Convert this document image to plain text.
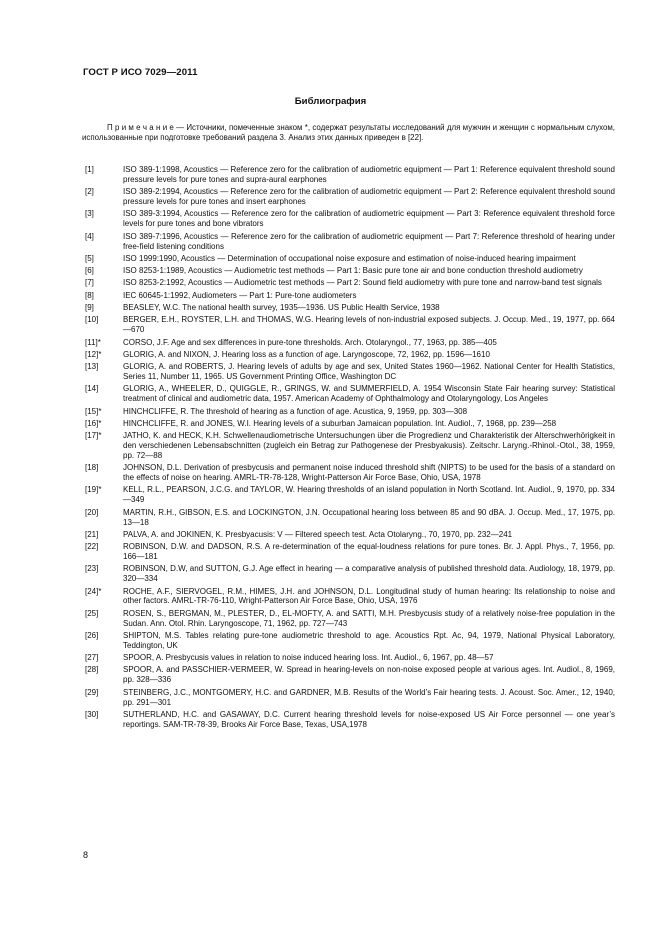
ГОСТ Р ИСО 7029—2011
Библиография
П р и м е ч а н и е — Источники, помеченные знаком *, содержат результаты исследований для мужчин и женщин с нормальным слухом, использованные при подготовке требований раздела 3. Анализ этих данных приведен в [22].
[1]	ISO 389-1:1998, Acoustics — Reference zero for the calibration of audiometric equipment — Part 1: Reference equivalent threshold sound pressure levels for pure tones and supra-aural earphones
[2]	ISO 389-2:1994, Acoustics — Reference zero for the calibration of audiometric equipment — Part 2: Reference equivalent threshold sound pressure levels for pure tones and insert earphones
[3]	ISO 389-3:1994, Acoustics — Reference zero for the calibration of audiometric equipment — Part 3: Reference equivalent threshold force levels for pure tones and bone vibrators
[4]	ISO 389-7:1996, Acoustics — Reference zero for the calibration of audiometric equipment — Part 7: Reference threshold of hearing under free-field listening conditions
[5]	ISO 1999:1990, Acoustics — Determination of occupational noise exposure and estimation of noise-induced hearing impairment
[6]	ISO 8253-1:1989, Acoustics — Audiometric test methods — Part 1: Basic pure tone air and bone conduction threshold audiometry
[7]	ISO 8253-2:1992, Acoustics — Audiometric test methods — Part 2: Sound field audiometry with pure tone and narrow-band test signals
[8]	IEC 60645-1:1992, Audiometers — Part 1: Pure-tone audiometers
[9]	BEASLEY, W.C. The national health survey, 1935—1936. US Public Health Service, 1938
[10]	BERGER, E.H., ROYSTER, L.H. and THOMAS, W.G. Hearing levels of non-industrial exposed subjects. J. Occup. Med., 19, 1977, pp. 664—670
[11]*	CORSO, J.F. Age and sex differences in pure-tone thresholds. Arch. Otolaryngol., 77, 1963, pp. 385—405
[12]*	GLORIG, A. and NIXON, J. Hearing loss as a function of age. Laryngoscope, 72, 1962, pp. 1596—1610
[13]	GLORIG, A. and ROBERTS, J. Hearing levels of adults by age and sex, United States 1960—1962. National Center for Health Statistics, Series 11, Number 11, 1965. US Government Printing Office, Washington DC
[14]	GLORIG, A., WHEELER, D., QUIGGLE, R., GRINGS, W. and SUMMERFIELD, A. 1954 Wisconsin State Fair hearing survey: Statistical treatment of clinical and audiometric data, 1957. American Academy of Ophthalmology and Otolaryngology, Los Angeles
[15]*	HINCHCLIFFE, R. The threshold of hearing as a function of age. Acustica, 9, 1959, pp. 303—308
[16]*	HINCHCLIFFE, R. and JONES, W.I. Hearing levels of a suburban Jamaican population. Int. Audiol., 7, 1968, pp. 239—258
[17]*	JATHO, K. and HECK, K.H. Schwellenaudiometrische Untersuchungen über die Progredienz und Charakteristik der Alterschwerhörigkeit in den verschiedenen Lebensabschnitten (zugleich ein Betrag zur Pathogenese der Presbyakusis). Zeitschr. Laryng.-Rhinol.-Otol., 38, 1959, pp. 72—88
[18]	JOHNSON, D.L. Derivation of presbycusis and permanent noise induced threshold shift (NIPTS) to be used for the basis of a standard on the effects of noise on hearing. AMRL-TR-78-128, Wright-Patterson Air Force Base, Ohio, USA, 1978
[19]*	KELL, R.L., PEARSON, J.C.G. and TAYLOR, W. Hearing thresholds of an island population in North Scotland. Int. Audiol., 9, 1970, pp. 334—349
[20]	MARTIN, R.H., GIBSON, E.S. and LOCKINGTON, J.N. Occupational hearing loss between 85 and 90 dBA. J. Occup. Med., 17, 1975, pp. 13—18
[21]	PALVA, A. and JOKINEN, K. Presbyacusis: V — Filtered speech test. Acta Otolaryng., 70, 1970, pp. 232—241
[22]	ROBINSON, D.W. and DADSON, R.S. A re-determination of the equal-loudness relations for pure tones. Br. J. Appl. Phys., 7, 1956, pp. 166—181
[23]	ROBINSON, D.W, and SUTTON, G.J. Age effect in hearing — a comparative analysis of published threshold data. Audiology, 18, 1979, pp. 320—334
[24]*	ROCHE, A.F., SIERVOGEL, R.M., HIMES, J.H. and JOHNSON, D.L. Longitudinal study of human hearing: Its relationship to noise and other factors. AMRL-TR-76-110, Wright-Patterson Air Force Base, Ohio, USA, 1976
[25]	ROSEN, S., BERGMAN, M., PLESTER, D., EL-MOFTY, A. and SATTI, M.H. Presbycusis study of a relatively noise-free population in the Sudan. Ann. Otol. Rhin. Laryngoscope, 71, 1962, pp. 727—743
[26]	SHIPTON, M.S. Tables relating pure-tone audiometric threshold to age. Acoustics Rpt. Ac, 94, 1979, National Physical Laboratory, Teddington, UK
[27]	SPOOR, A. Presbycusis values in relation to noise induced hearing loss. Int. Audiol., 6, 1967, pp. 48—57
[28]	SPOOR, A. and PASSCHIER-VERMEER, W. Spread in hearing-levels on non-noise exposed people at various ages. Int. Audiol., 8, 1969, pp. 328—336
[29]	STEINBERG, J.C., MONTGOMERY, H.C. and GARDNER, M.B. Results of the World’s Fair hearing tests. J. Acoust. Soc. Amer., 12, 1940, pp. 291—301
[30]	SUTHERLAND, H.C. and GASAWAY, D.C. Current hearing threshold levels for noise-exposed US Air Force personnel — one year’s reportings. SAM-TR-78-39, Brooks Air Force Base, Texas, USA,1978
8
